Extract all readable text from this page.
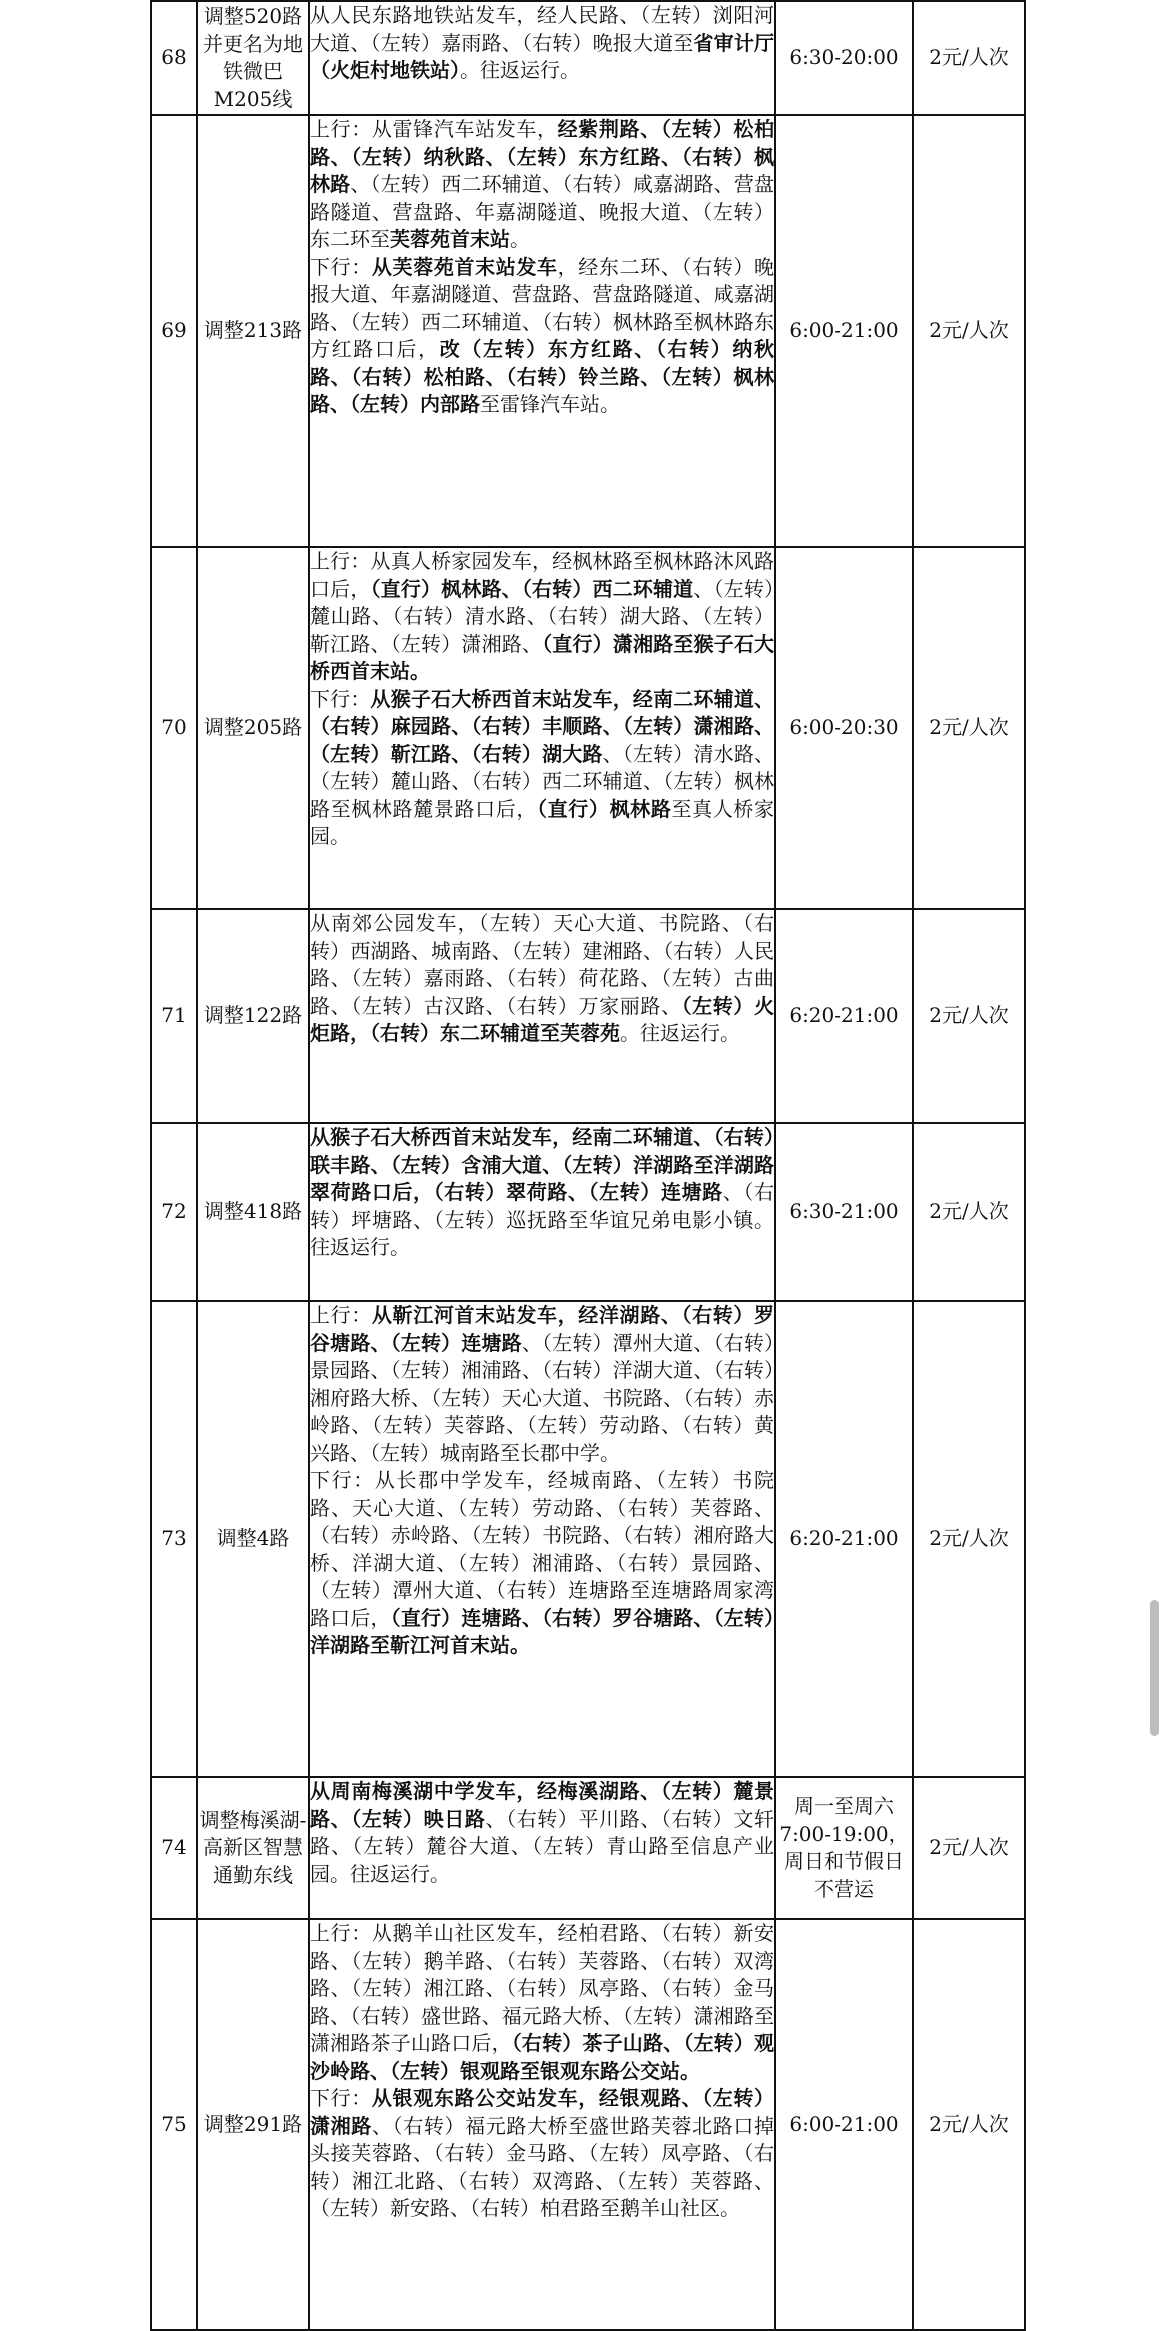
68	调整520路并更名为地铁微巴M205线	从人民东路地铁站发车，经人民路、（左转）浏阳河大道、（左转）嘉雨路、（右转）晚报大道至省审计厅（火炬村地铁站）。往返运行。	6:30-20:00	2元/人次
69	调整213路	上行：从雷锋汽车站发车，经紫荆路、（左转）松柏路、（左转）纳秋路、（左转）东方红路、（右转）枫林路、（左转）西二环辅道、（右转）咸嘉湖路、营盘路隧道、营盘路、年嘉湖隧道、晚报大道、（左转）东二环至芙蓉苑首末站。
下行：从芙蓉苑首末站发车，经东二环、（右转）晚报大道、年嘉湖隧道、营盘路、营盘路隧道、咸嘉湖路、（左转）西二环辅道、（右转）枫林路至枫林路东方红路口后，改（左转）东方红路、（右转）纳秋路、（右转）松柏路、（右转）铃兰路、（左转）枫林路、（左转）内部路至雷锋汽车站。	6:00-21:00	2元/人次
70	调整205路	上行：从真人桥家园发车，经枫林路至枫林路沐风路口后，（直行）枫林路、（右转）西二环辅道、（左转）麓山路、（右转）清水路、（右转）湖大路、（左转）靳江路、（左转）潇湘路、（直行）潇湘路至猴子石大桥西首末站。
下行：从猴子石大桥西首末站发车，经南二环辅道、（右转）麻园路、（右转）丰顺路、（左转）潇湘路、（左转）靳江路、（右转）湖大路、（左转）清水路、（左转）麓山路、（右转）西二环辅道、（左转）枫林路至枫林路麓景路口后，（直行）枫林路至真人桥家园。	6:00-20:30	2元/人次
71	调整122路	从南郊公园发车，（左转）天心大道、书院路、（右转）西湖路、城南路、（左转）建湘路、（右转）人民路、（左转）嘉雨路、（右转）荷花路、（左转）古曲路、（左转）古汉路、（右转）万家丽路、（左转）火炬路，（右转）东二环辅道至芙蓉苑。往返运行。	6:20-21:00	2元/人次
72	调整418路	从猴子石大桥西首末站发车，经南二环辅道、（右转）联丰路、（左转）含浦大道、（左转）洋湖路至洋湖路翠荷路口后，（右转）翠荷路、（左转）连塘路、（右转）坪塘路、（左转）巡抚路至华谊兄弟电影小镇。往返运行。	6:30-21:00	2元/人次
73	调整4路	上行：从靳江河首末站发车，经洋湖路、（右转）罗谷塘路、（左转）连塘路、（左转）潭州大道、（右转）景园路、（左转）湘浦路、（右转）洋湖大道、（右转）湘府路大桥、（左转）天心大道、书院路、（右转）赤岭路、（左转）芙蓉路、（左转）劳动路、（右转）黄兴路、（左转）城南路至长郡中学。
下行：从长郡中学发车，经城南路、（左转）书院路、天心大道、（左转）劳动路、（右转）芙蓉路、（右转）赤岭路、（左转）书院路、（右转）湘府路大桥、洋湖大道、（左转）湘浦路、（右转）景园路、（左转）潭州大道、（右转）连塘路至连塘路周家湾路口后，（直行）连塘路、（右转）罗谷塘路、（左转）洋湖路至靳江河首末站。	6:20-21:00	2元/人次
74	调整梅溪湖-高新区智慧通勤东线	从周南梅溪湖中学发车，经梅溪湖路、（左转）麓景路、（左转）映日路、（右转）平川路、（右转）文轩路、（左转）麓谷大道、（左转）青山路至信息产业园。往返运行。	周一至周六7:00-19:00，周日和节假日不营运	2元/人次
75	调整291路	上行：从鹅羊山社区发车，经柏君路、（右转）新安路、（左转）鹅羊路、（右转）芙蓉路、（右转）双湾路、（左转）湘江路、（右转）凤亭路、（右转）金马路、（右转）盛世路、福元路大桥、（左转）潇湘路至潇湘路茶子山路口后，（右转）茶子山路、（左转）观沙岭路、（左转）银观路至银观东路公交站。
下行：从银观东路公交站发车，经银观路、（左转）潇湘路、（右转）福元路大桥至盛世路芙蓉北路口掉头接芙蓉路、（右转）金马路、（左转）凤亭路、（右转）湘江北路、（右转）双湾路、（左转）芙蓉路、（左转）新安路、（右转）柏君路至鹅羊山社区。	6:00-21:00	2元/人次
